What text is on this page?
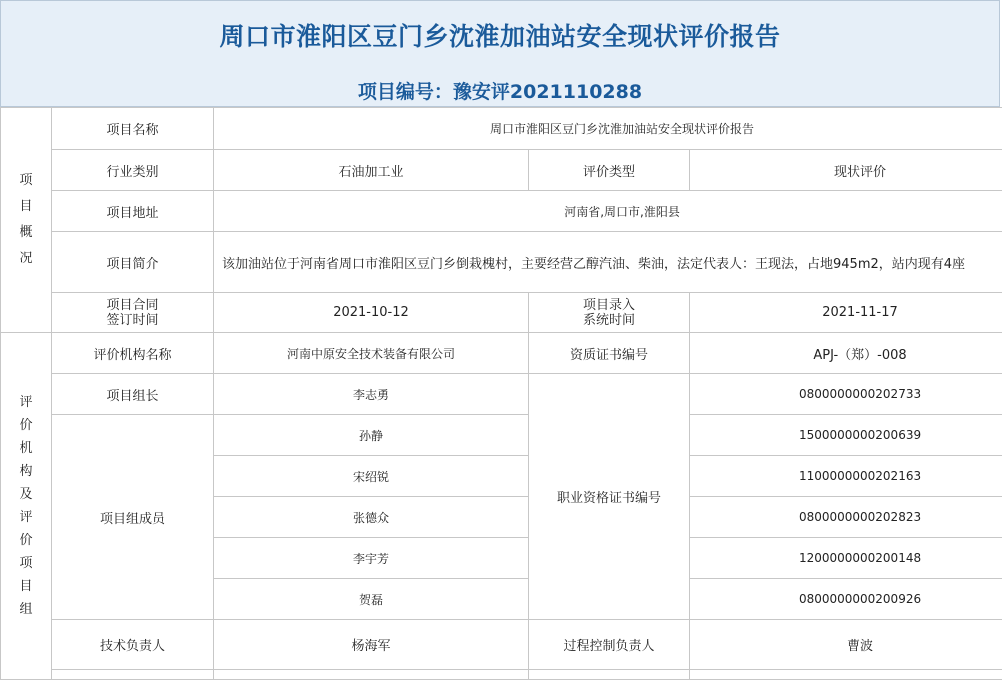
周口市淮阳区豆门乡沈淮加油站安全现状评价报告
项目编号：豫安评2021110288
项目概况	项目名称	周口市淮阳区豆门乡沈淮加油站安全现状评价报告			
	行业类别	石油加工业	评价类型	现状评价	
	项目地址	河南省,周口市,淮阳县			
	项目简介	该加油站位于河南省周口市淮阳区豆门乡倒栽槐村，主要经营乙醇汽油、柴油，法定代表人：王现法，占地945m2，站内现有4座			

	项目合同签订时间	2021-10-12	项目录入系统时间	2021-11-17	

评价机构及评价项目组	评价机构名称	河南中原安全技术装备有限公司	资质证书编号	APJ-（郑）-008	
	项目组长	李志勇	职业资格证书编号	0800000000202733	
	项目组成员	孙静		1500000000200639	
		宋绍锐		1100000000202163	
		张德众		0800000000202823	
		李宇芳		1200000000200148	
		贺磊		0800000000200926	
	技术负责人	杨海军	过程控制负责人	曹波	
